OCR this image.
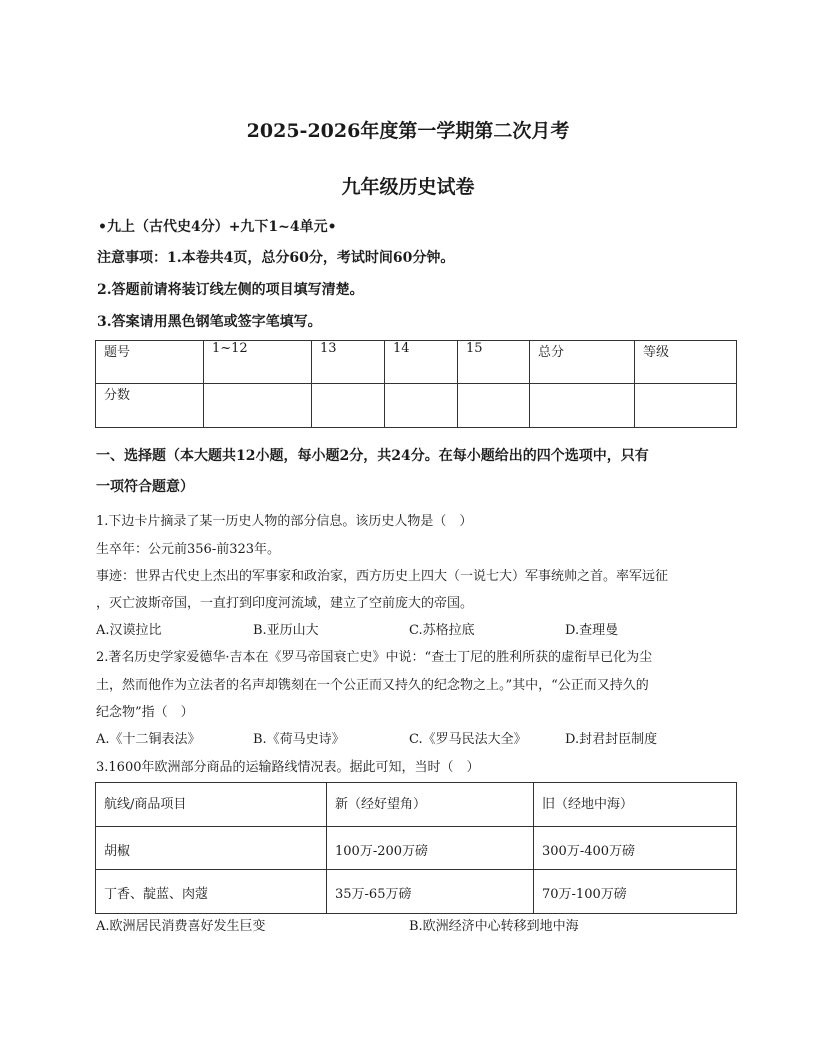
2025-2026年度第一学期第二次月考
九年级历史试卷
•九上（古代史4分）+九下1~4单元•
注意事项：1.本卷共4页，总分60分，考试时间60分钟。
2.答题前请将装订线左侧的项目填写清楚。
3.答案请用黑色钢笔或签字笔填写。
题号	1~12	13	14	15	总分	等级
分数						
一、选择题（本大题共12小题，每小题2分，共24分。在每小题给出的四个选项中，只有
一项符合题意）
1.下边卡片摘录了某一历史人物的部分信息。该历史人物是（　）
生卒年：公元前356-前323年。
事迹：世界古代史上杰出的军事家和政治家，西方历史上四大（一说七大）军事统帅之首。率军远征
，灭亡波斯帝国，一直打到印度河流域，建立了空前庞大的帝国。
A.汉谟拉比	B.亚历山大	C.苏格拉底	D.查理曼
2.著名历史学家爱德华·吉本在《罗马帝国衰亡史》中说：“查士丁尼的胜利所获的虚衔早已化为尘
土，然而他作为立法者的名声却镌刻在一个公正而又持久的纪念物之上。”其中，“公正而又持久的
纪念物”指（　）
A.《十二铜表法》	B.《荷马史诗》	C.《罗马民法大全》	D.封君封臣制度
3.1600年欧洲部分商品的运输路线情况表。据此可知，当时（　）
航线/商品项目	新（经好望角）	旧（经地中海）
胡椒	100万-200万磅	300万-400万磅
丁香、靛蓝、肉蔻	35万-65万磅	70万-100万磅
A.欧洲居民消费喜好发生巨变	B.欧洲经济中心转移到地中海
